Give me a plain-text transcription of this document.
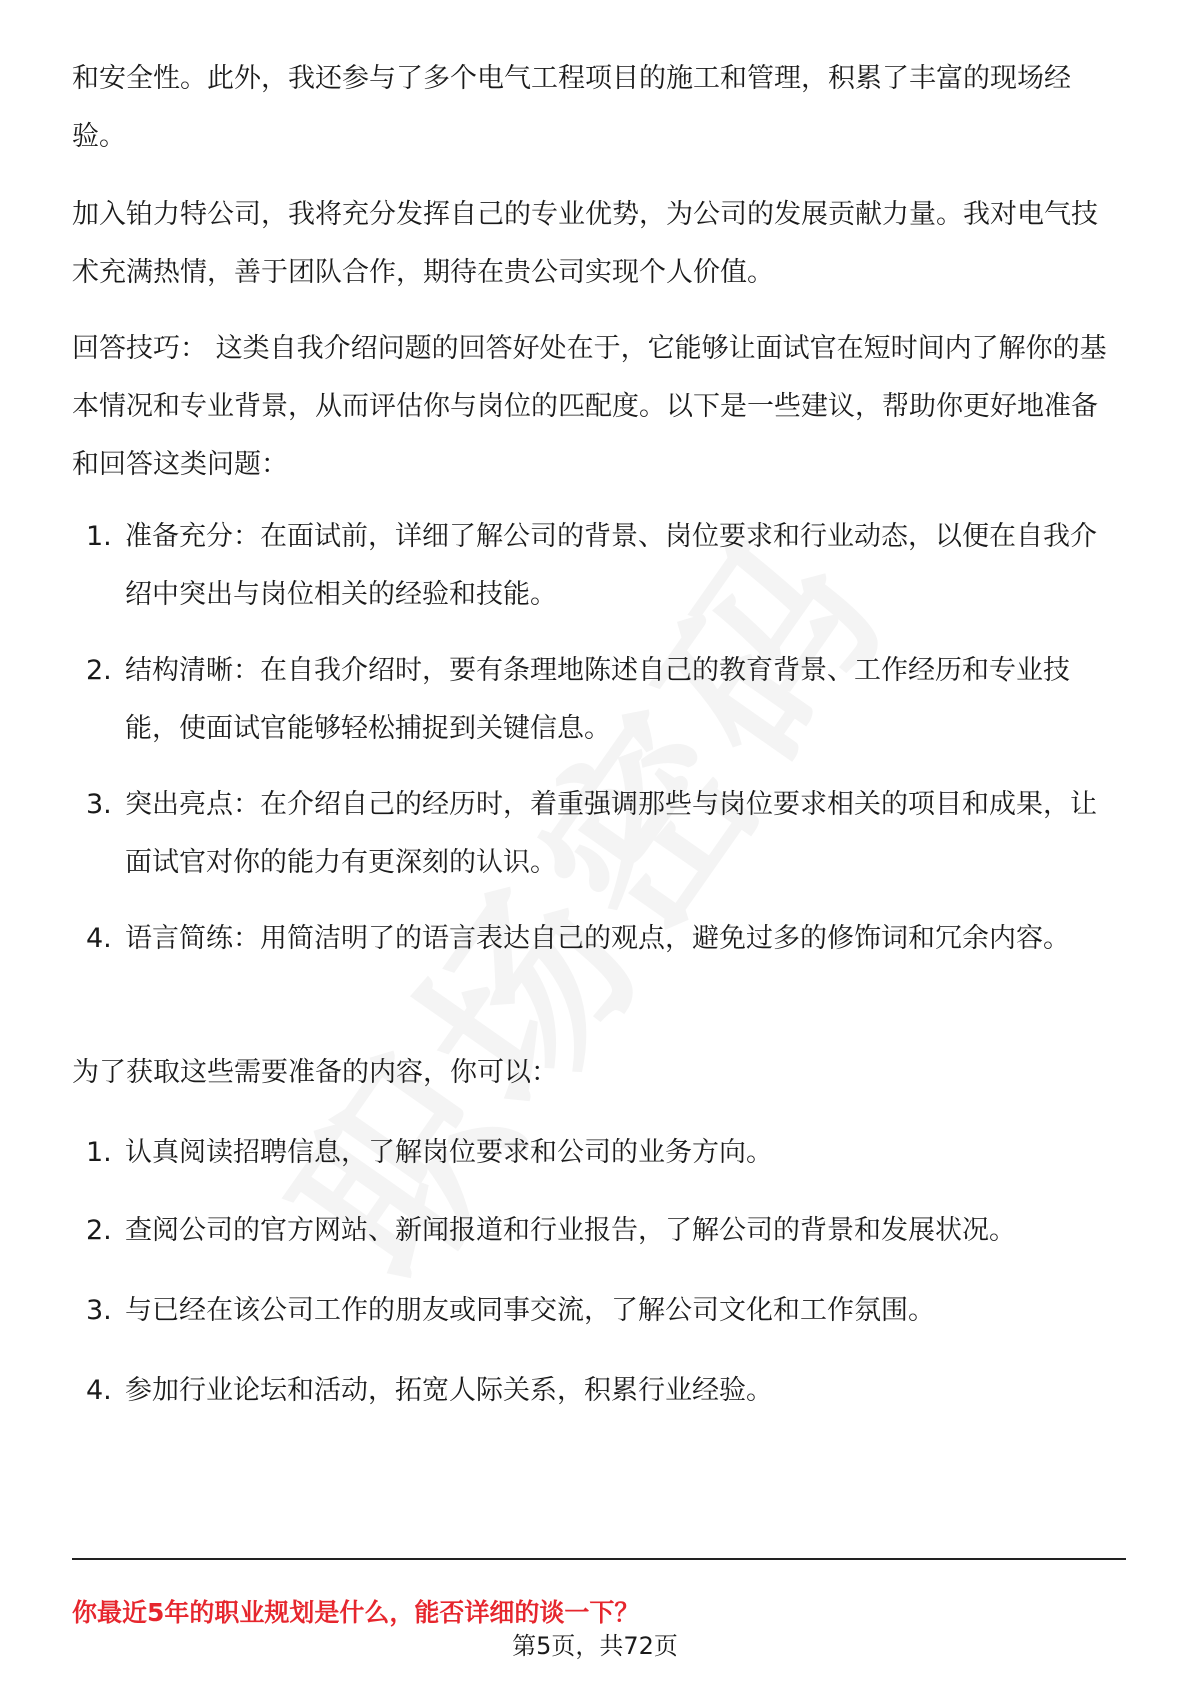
和安全性。此外，我还参与了多个电气工程项目的施工和管理，积累了丰富的现场经验。

加入铂力特公司，我将充分发挥自己的专业优势，为公司的发展贡献力量。我对电气技术充满热情，善于团队合作，期待在贵公司实现个人价值。

回答技巧： 这类自我介绍问题的回答好处在于，它能够让面试官在短时间内了解你的基本情况和专业背景，从而评估你与岗位的匹配度。以下是一些建议，帮助你更好地准备和回答这类问题：

1. 准备充分：在面试前，详细了解公司的背景、岗位要求和行业动态，以便在自我介绍中突出与岗位相关的经验和技能。
2. 结构清晰：在自我介绍时，要有条理地陈述自己的教育背景、工作经历和专业技能，使面试官能够轻松捕捉到关键信息。
3. 突出亮点：在介绍自己的经历时，着重强调那些与岗位要求相关的项目和成果，让面试官对你的能力有更深刻的认识。
4. 语言简练：用简洁明了的语言表达自己的观点，避免过多的修饰词和冗余内容。

为了获取这些需要准备的内容，你可以：

1. 认真阅读招聘信息，了解岗位要求和公司的业务方向。
2. 查阅公司的官方网站、新闻报道和行业报告，了解公司的背景和发展状况。
3. 与已经在该公司工作的朋友或同事交流，了解公司文化和工作氛围。
4. 参加行业论坛和活动，拓宽人际关系，积累行业经验。
你最近5年的职业规划是什么，能否详细的谈一下？
第5页，共72页
